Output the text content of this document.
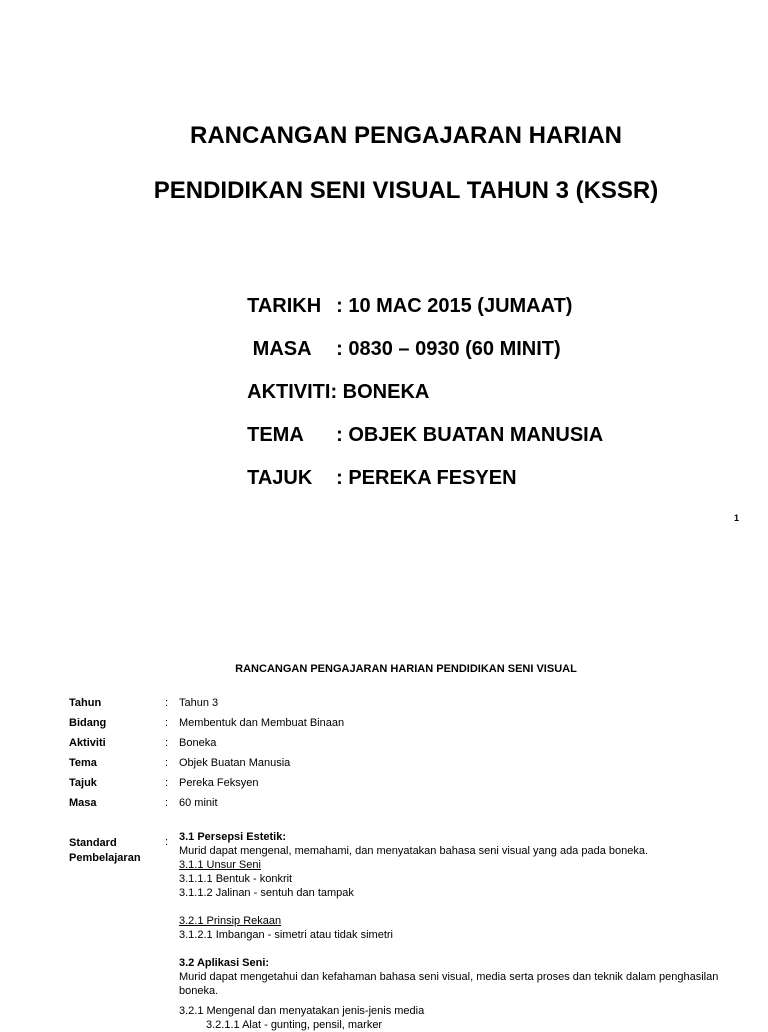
RANCANGAN PENGAJARAN HARIAN
PENDIDIKAN SENI VISUAL TAHUN 3 (KSSR)

TARIKH : 10 MAC 2015 (JUMAAT)

MASA : 0830 – 0930 (60 MINIT)

AKTIVITI: BONEKA

TEMA : OBJEK BUATAN MANUSIA

TAJUK : PEREKA FESYEN

1
RANCANGAN PENGAJARAN HARIAN PENDIDIKAN SENI VISUAL
Tahun	: Tahun 3
Bidang	: Membentuk dan Membuat Binaan
Aktiviti	: Boneka
Tema	: Objek Buatan Manusia
Tajuk	: Pereka Feksyen
Masa	: 60 minit
Standard
Pembelajaran
: 3.1 Persepsi Estetik:

Murid dapat mengenal, memahami, dan menyatakan bahasa seni visual yang ada pada boneka.

3.1.1 Unsur Seni

3.1.1.1 Bentuk - konkrit

3.1.1.2 Jalinan - sentuh dan tampak

3.2.1 Prinsip Rekaan

3.1.2.1 Imbangan - simetri atau tidak simetri

3.2 Aplikasi Seni:

Murid dapat mengetahui dan kefahaman bahasa seni visual, media serta proses dan teknik dalam penghasilan boneka.

3.2.1 Mengenal dan menyatakan jenis-jenis media

3.2.1.1 Alat - gunting, pensil, marker
